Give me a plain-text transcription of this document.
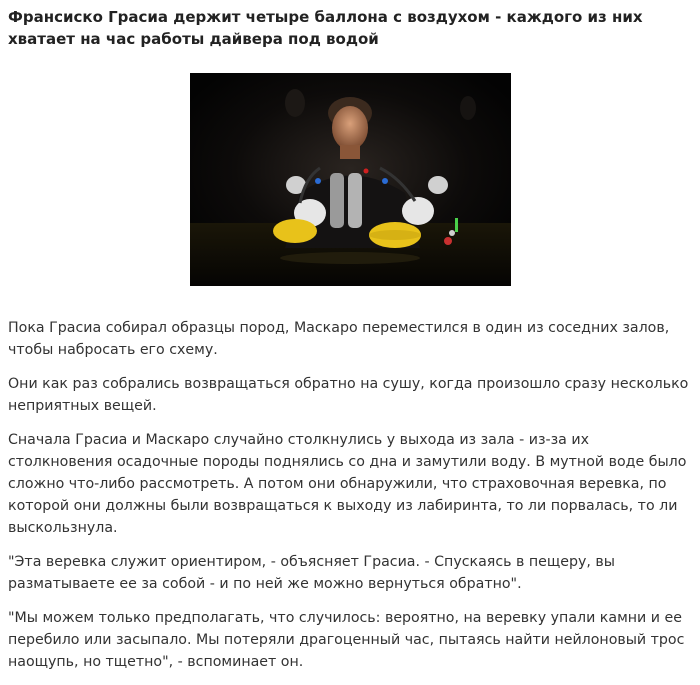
Франсиско Грасиа держит четыре баллона с воздухом - каждого из них хватает на час работы дайвера под водой

Пока Грасиа собирал образцы пород, Маскаро переместился в один из соседних залов, чтобы набросать его схему.

Они как раз собрались возвращаться обратно на сушу, когда произошло сразу несколько неприятных вещей.

Сначала Грасиа и Маскаро случайно столкнулись у выхода из зала - из-за их столкновения осадочные породы поднялись со дна и замутили воду. В мутной воде было сложно что-либо рассмотреть. А потом они обнаружили, что страховочная веревка, по которой они должны были возвращаться к выходу из лабиринта, то ли порвалась, то ли выскользнула.

"Эта веревка служит ориентиром, - объясняет Грасиа. - Спускаясь в пещеру, вы разматываете ее за собой - и по ней же можно вернуться обратно".

"Мы можем только предполагать, что случилось: вероятно, на веревку упали камни и ее перебило или засыпало. Мы потеряли драгоценный час, пытаясь найти нейлоновый трос наощупь, но тщетно", - вспоминает он.
